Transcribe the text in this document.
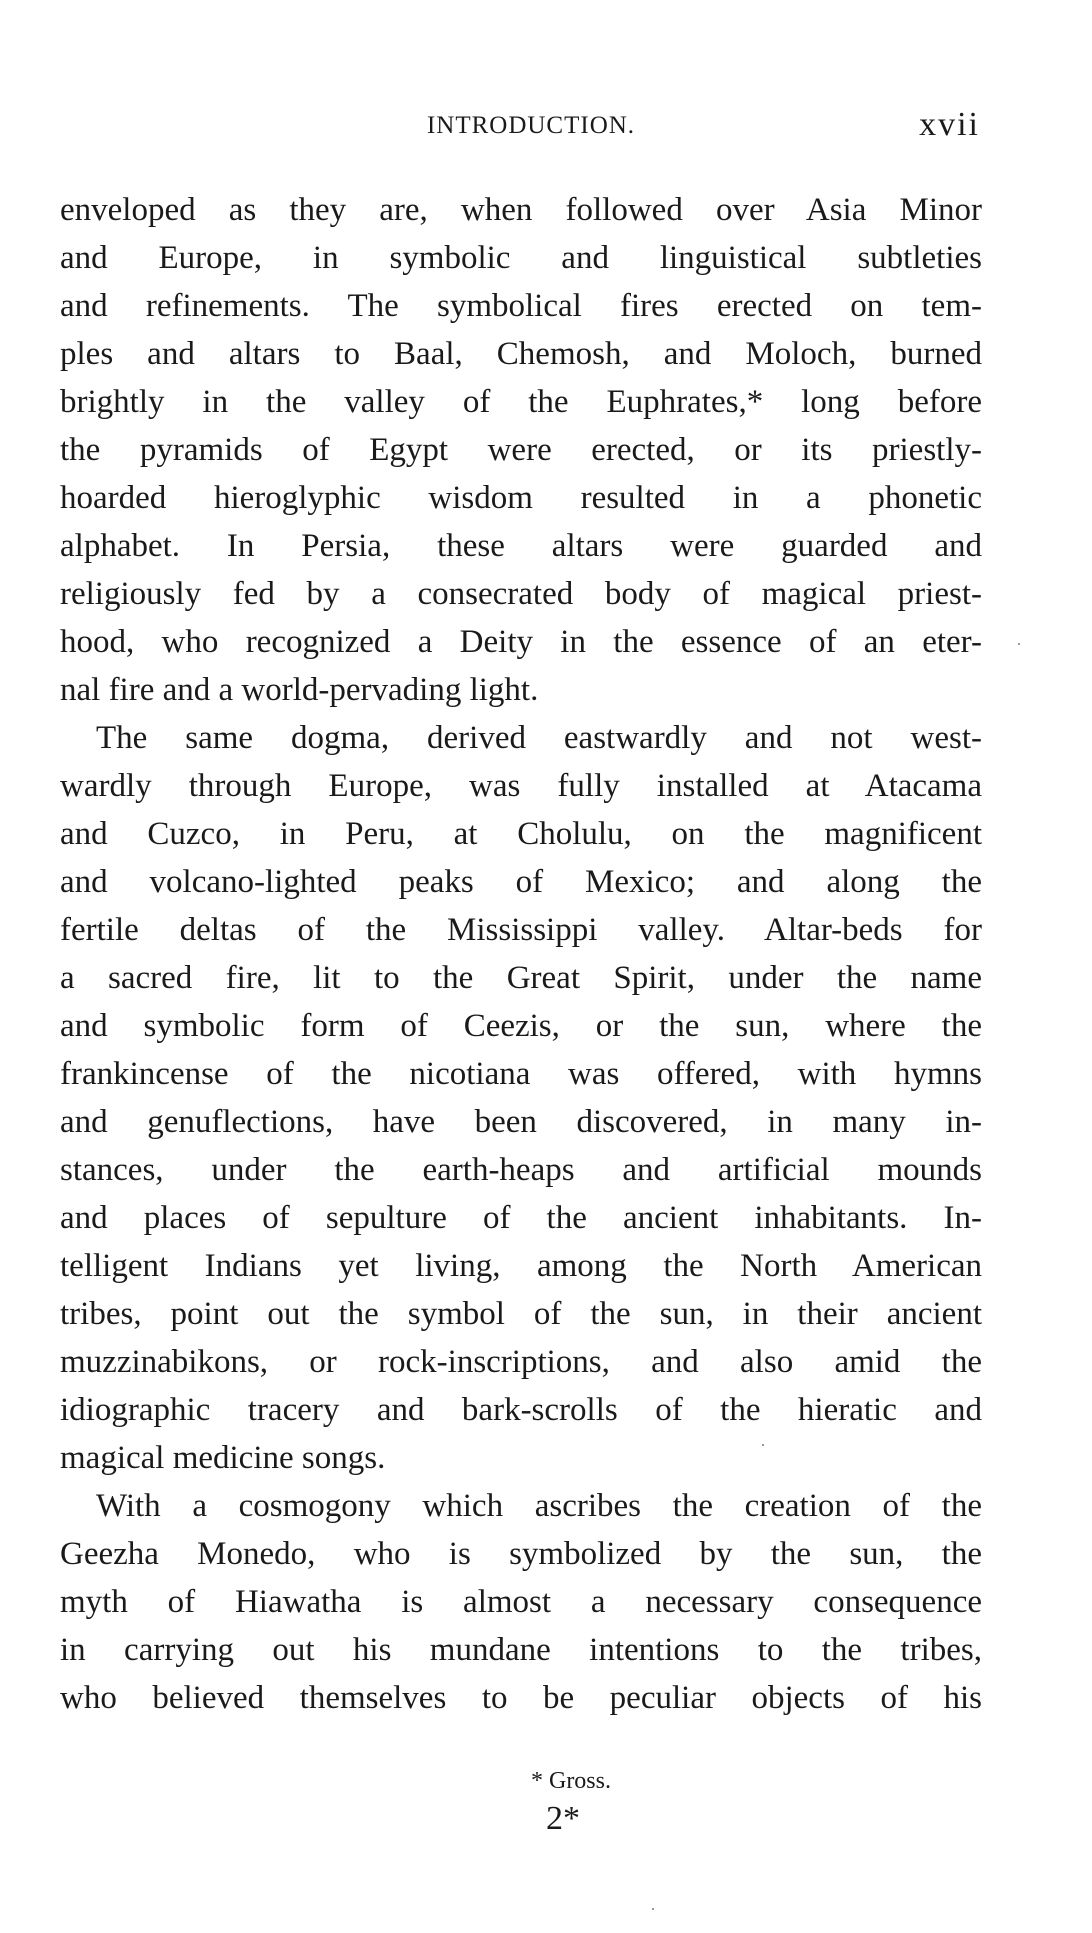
INTRODUCTION.	xvii
enveloped as they are, when followed over Asia Minor
and Europe, in symbolic and linguistical subtleties
and refinements. The symbolical fires erected on tem-
ples and altars to Baal, Chemosh, and Moloch, burned
brightly in the valley of the Euphrates,* long before
the pyramids of Egypt were erected, or its priestly-
hoarded hieroglyphic wisdom resulted in a phonetic
alphabet. In Persia, these altars were guarded and
religiously fed by a consecrated body of magical priest-
hood, who recognized a Deity in the essence of an eter-
nal fire and a world-pervading light.
The same dogma, derived eastwardly and not west-
wardly through Europe, was fully installed at Atacama
and Cuzco, in Peru, at Cholulu, on the magnificent
and volcano-lighted peaks of Mexico; and along the
fertile deltas of the Mississippi valley. Altar-beds for
a sacred fire, lit to the Great Spirit, under the name
and symbolic form of Ceezis, or the sun, where the
frankincense of the nicotiana was offered, with hymns
and genuflections, have been discovered, in many in-
stances, under the earth-heaps and artificial mounds
and places of sepulture of the ancient inhabitants. In-
telligent Indians yet living, among the North American
tribes, point out the symbol of the sun, in their ancient
muzzinabikons, or rock-inscriptions, and also amid the
idiographic tracery and bark-scrolls of the hieratic and
magical medicine songs.
With a cosmogony which ascribes the creation of the
Geezha Monedo, who is symbolized by the sun, the
myth of Hiawatha is almost a necessary consequence
in carrying out his mundane intentions to the tribes,
who believed themselves to be peculiar objects of his
* Gross.
2*
